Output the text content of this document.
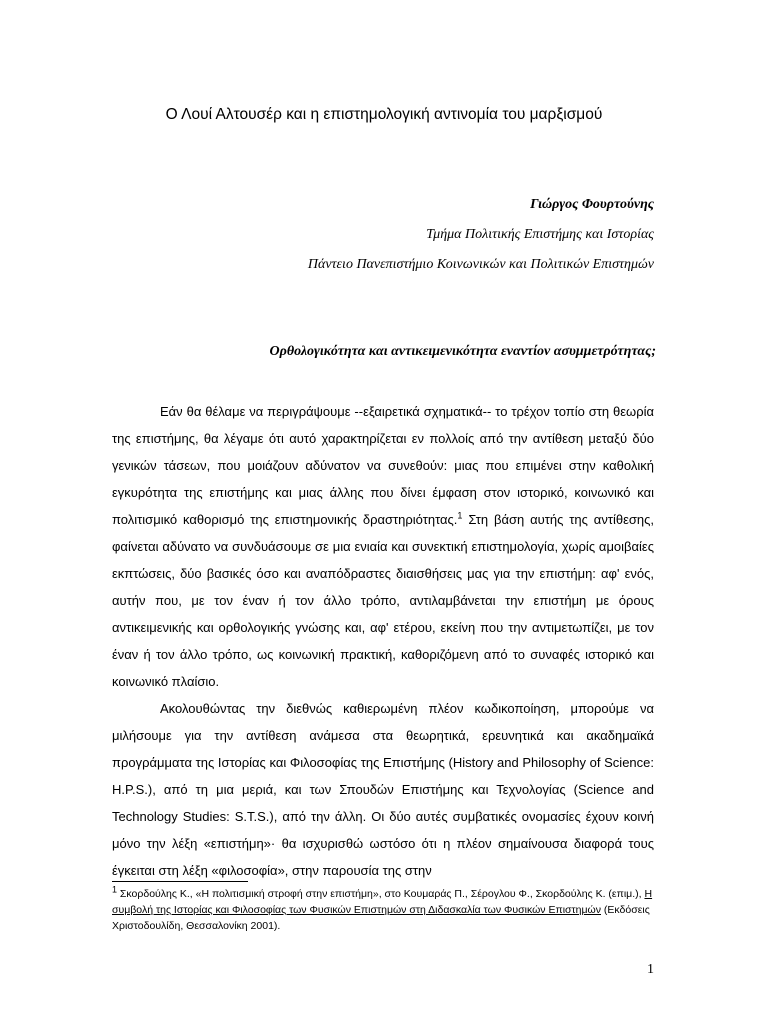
Ο Λουί Αλτουσέρ και η επιστημολογική αντινομία του μαρξισμού
Γιώργος Φουρτούνης
Τμήμα Πολιτικής Επιστήμης και Ιστορίας
Πάντειο Πανεπιστήμιο Κοινωνικών και Πολιτικών Επιστημών
Ορθολογικότητα και αντικειμενικότητα εναντίον ασυμμετρότητας;

Εάν θα θέλαμε να περιγράψουμε --εξαιρετικά σχηματικά-- το τρέχον τοπίο στη θεωρία της επιστήμης, θα λέγαμε ότι αυτό χαρακτηρίζεται εν πολλοίς από την αντίθεση μεταξύ δύο γενικών τάσεων, που μοιάζουν αδύνατον να συνεθούν: μιας που επιμένει στην καθολική εγκυρότητα της επιστήμης και μιας άλλης που δίνει έμφαση στον ιστορικό, κοινωνικό και πολιτισμικό καθορισμό της επιστημονικής δραστηριότητας.$^1$ Στη βάση αυτής της αντίθεσης, φαίνεται αδύνατο να συνδυάσουμε σε μια ενιαία και συνεκτική επιστημολογία, χωρίς αμοιβαίες εκπτώσεις, δύο βασικές όσο και αναπόδραστες διαισθήσεις μας για την επιστήμη: αφ' ενός, αυτήν που, με τον έναν ή τον άλλο τρόπο, αντιλαμβάνεται την επιστήμη με όρους αντικειμενικής και ορθολογικής γνώσης και, αφ' ετέρου, εκείνη που την αντιμετωπίζει, με τον έναν ή τον άλλο τρόπο, ως κοινωνική πρακτική, καθοριζόμενη από το συναφές ιστορικό και κοινωνικό πλαίσιο.

Ακολουθώντας την διεθνώς καθιερωμένη πλέον κωδικοποίηση, μπορούμε να μιλήσουμε για την αντίθεση ανάμεσα στα θεωρητικά, ερευνητικά και ακαδημαϊκά προγράμματα της Ιστορίας και Φιλοσοφίας της Επιστήμης (History and Philosophy of Science: H.P.S.), από τη μια μεριά, και των Σπουδών Επιστήμης και Τεχνολογίας (Science and Technology Studies: S.T.S.), από την άλλη. Οι δύο αυτές συμβατικές ονομασίες έχουν κοινή μόνο την λέξη «επιστήμη»· θα ισχυρισθώ ωστόσο ότι η πλέον σημαίνουσα διαφορά τους έγκειται στη λέξη «φιλοσοφία», στην παρουσία της στην

$^1$ Σκορδούλης Κ., «Η πολιτισμική στροφή στην επιστήμη», στο Κουμαράς Π., Σέρογλου Φ., Σκορδούλης Κ. (επιμ.), Η συμβολή της Ιστορίας και Φιλοσοφίας των Φυσικών Επιστημών στη Διδασκαλία των Φυσικών Επιστημών (Εκδόσεις Χριστοδουλίδη, Θεσσαλονίκη 2001).
1
